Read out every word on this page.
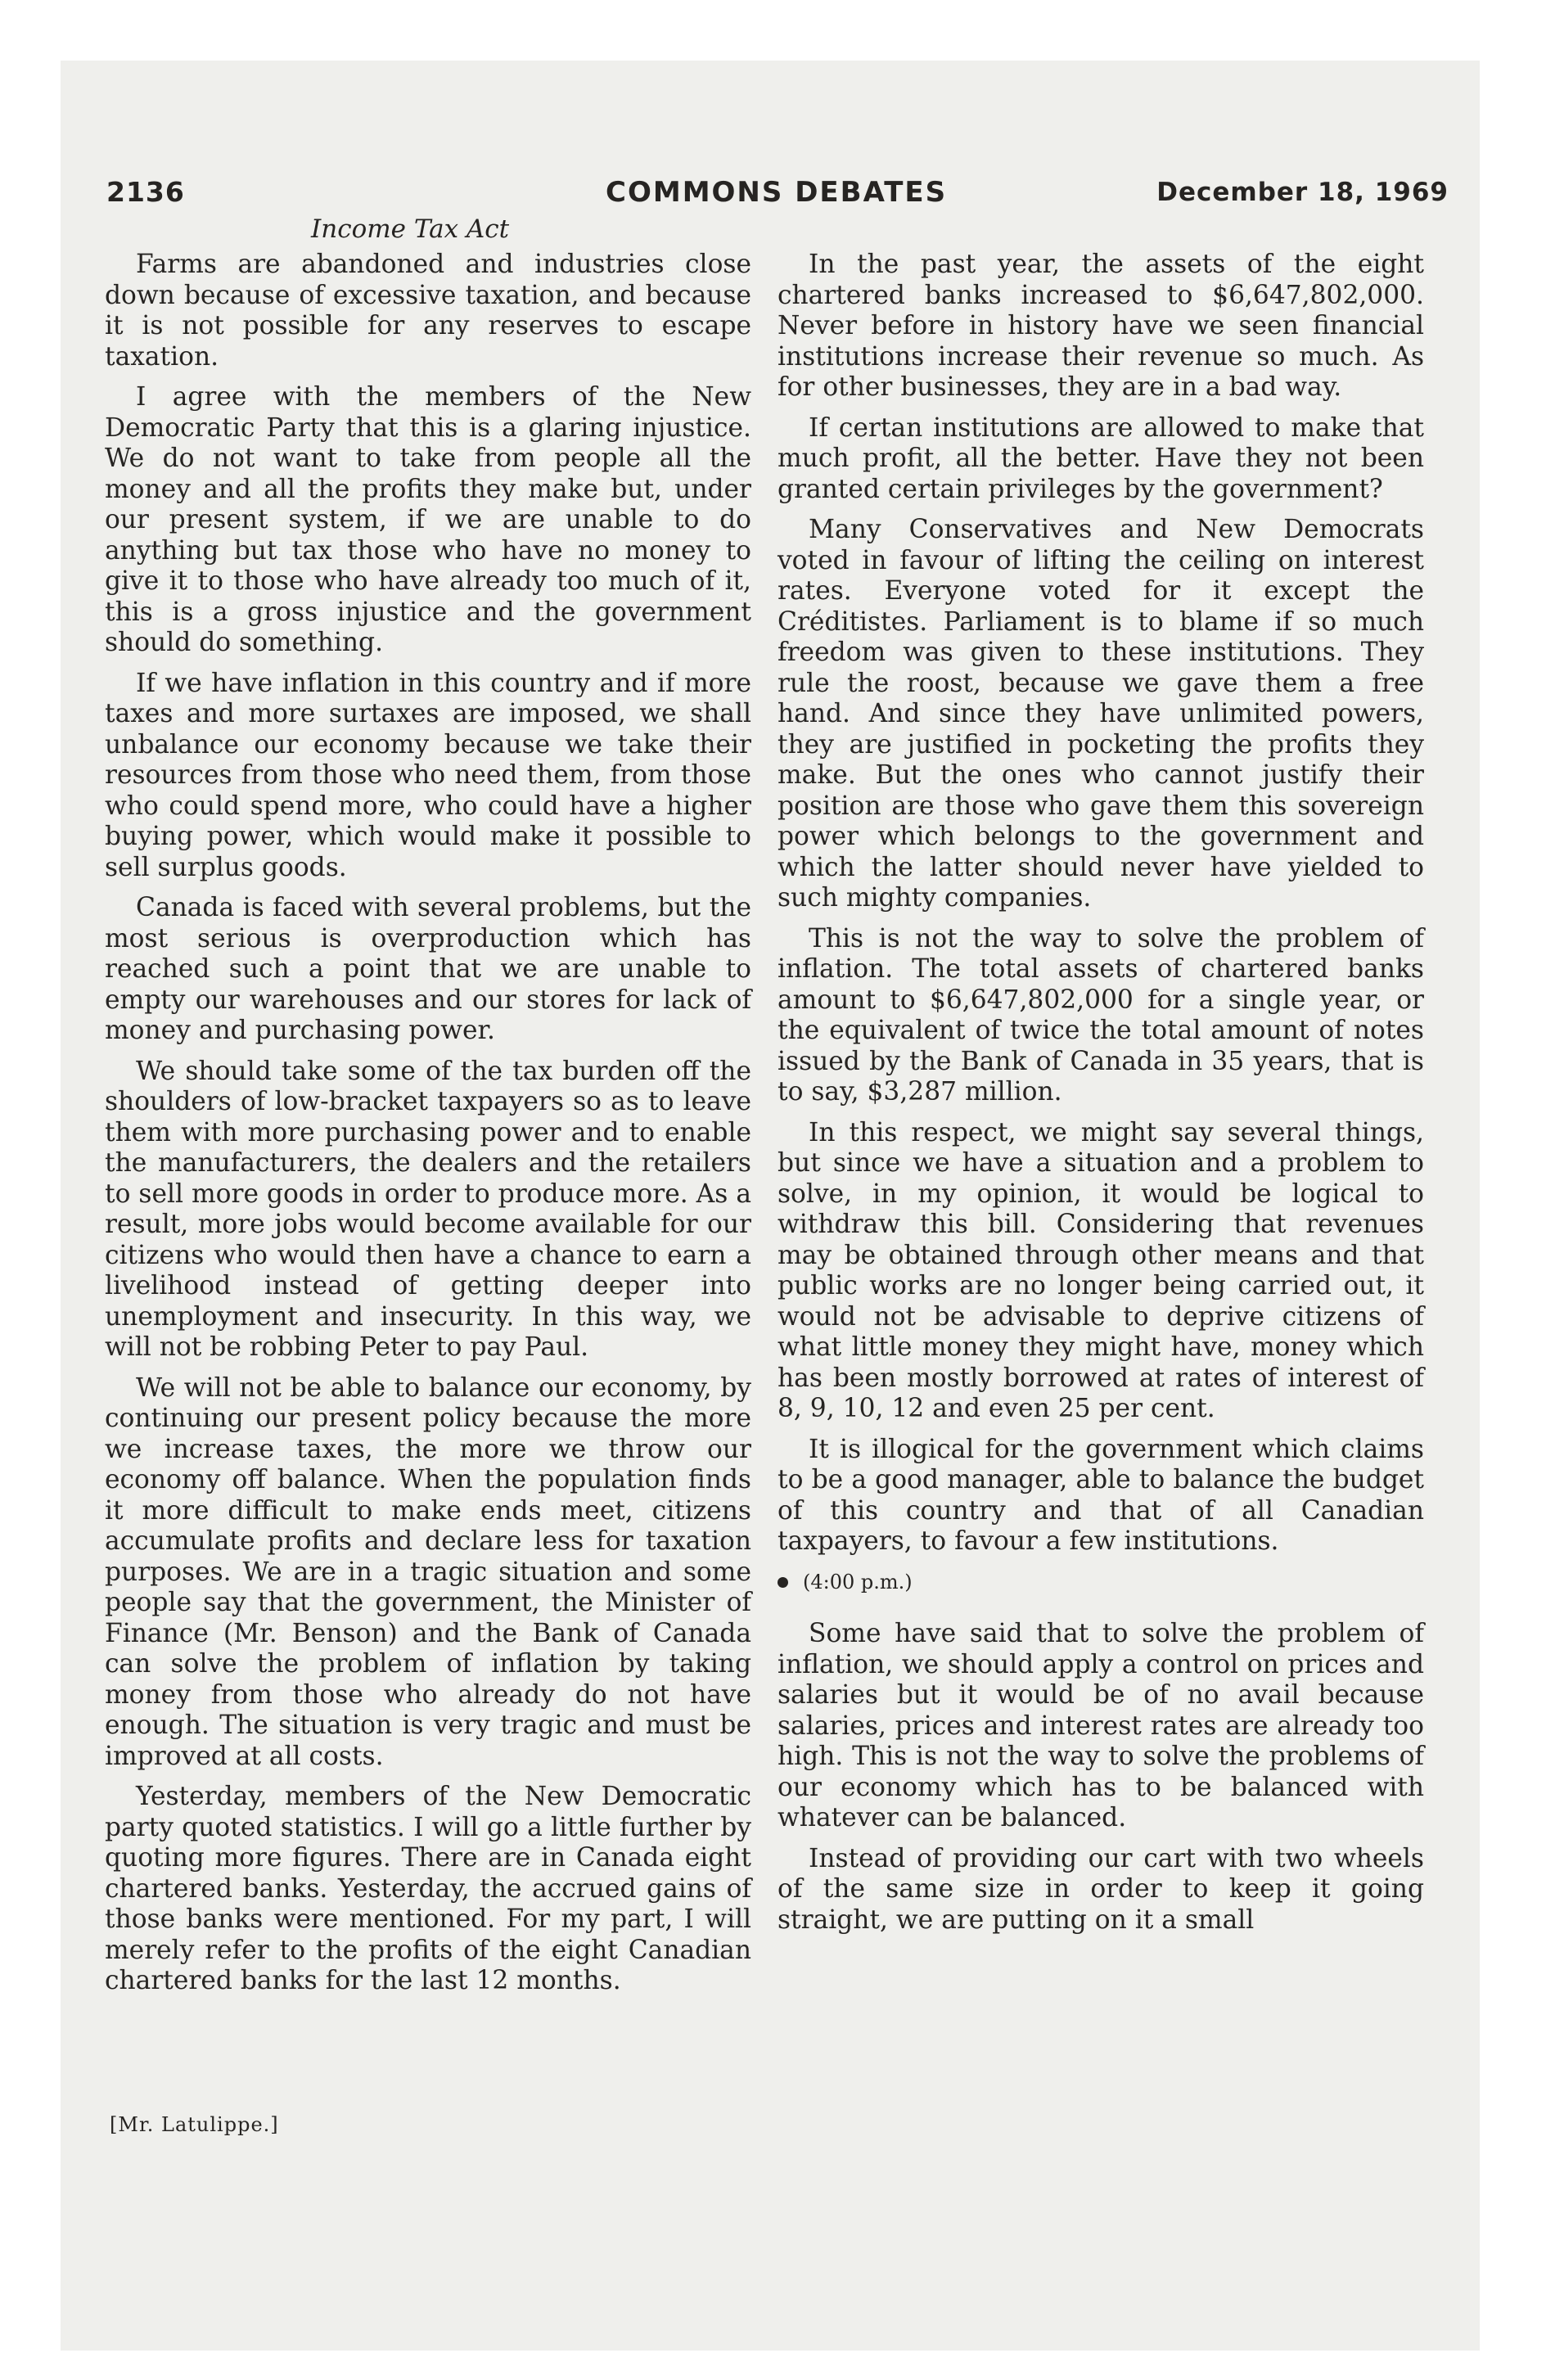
2136	COMMONS DEBATES	December 18, 1969
Income Tax Act

Farms are abandoned and industries close down because of excessive taxation, and because it is not possible for any reserves to escape taxation.

I agree with the members of the New Democratic Party that this is a glaring injustice. We do not want to take from people all the money and all the profits they make but, under our present system, if we are unable to do anything but tax those who have no money to give it to those who have already too much of it, this is a gross injustice and the government should do something.

If we have inflation in this country and if more taxes and more surtaxes are imposed, we shall unbalance our economy because we take their resources from those who need them, from those who could spend more, who could have a higher buying power, which would make it possible to sell surplus goods.

Canada is faced with several problems, but the most serious is overproduction which has reached such a point that we are unable to empty our warehouses and our stores for lack of money and purchasing power.

We should take some of the tax burden off the shoulders of low-bracket taxpayers so as to leave them with more purchasing power and to enable the manufacturers, the dealers and the retailers to sell more goods in order to produce more. As a result, more jobs would become available for our citizens who would then have a chance to earn a livelihood instead of getting deeper into unemployment and insecurity. In this way, we will not be robbing Peter to pay Paul.

We will not be able to balance our economy, by continuing our present policy because the more we increase taxes, the more we throw our economy off balance. When the population finds it more difficult to make ends meet, citizens accumulate profits and declare less for taxation purposes. We are in a tragic situation and some people say that the government, the Minister of Finance (Mr. Benson) and the Bank of Canada can solve the problem of inflation by taking money from those who already do not have enough. The situation is very tragic and must be improved at all costs.

Yesterday, members of the New Democratic party quoted statistics. I will go a little further by quoting more figures. There are in Canada eight chartered banks. Yesterday, the accrued gains of those banks were mentioned. For my part, I will merely refer to the profits of the eight Canadian chartered banks for the last 12 months.

[Mr. Latulippe.]

In the past year, the assets of the eight chartered banks increased to $6,647,802,000. Never before in history have we seen financial institutions increase their revenue so much. As for other businesses, they are in a bad way.

If certan institutions are allowed to make that much profit, all the better. Have they not been granted certain privileges by the government?

Many Conservatives and New Democrats voted in favour of lifting the ceiling on interest rates. Everyone voted for it except the Créditistes. Parliament is to blame if so much freedom was given to these institutions. They rule the roost, because we gave them a free hand. And since they have unlimited powers, they are justified in pocketing the profits they make. But the ones who cannot justify their position are those who gave them this sovereign power which belongs to the government and which the latter should never have yielded to such mighty companies.

This is not the way to solve the problem of inflation. The total assets of chartered banks amount to $6,647,802,000 for a single year, or the equivalent of twice the total amount of notes issued by the Bank of Canada in 35 years, that is to say, $3,287 million.

In this respect, we might say several things, but since we have a situation and a problem to solve, in my opinion, it would be logical to withdraw this bill. Considering that revenues may be obtained through other means and that public works are no longer being carried out, it would not be advisable to deprive citizens of what little money they might have, money which has been mostly borrowed at rates of interest of 8, 9, 10, 12 and even 25 per cent.

It is illogical for the government which claims to be a good manager, able to balance the budget of this country and that of all Canadian taxpayers, to favour a few institutions.

(4:00 p.m.)

Some have said that to solve the problem of inflation, we should apply a control on prices and salaries but it would be of no avail because salaries, prices and interest rates are already too high. This is not the way to solve the problems of our economy which has to be balanced with whatever can be balanced.

Instead of providing our cart with two wheels of the same size in order to keep it going straight, we are putting on it a small
